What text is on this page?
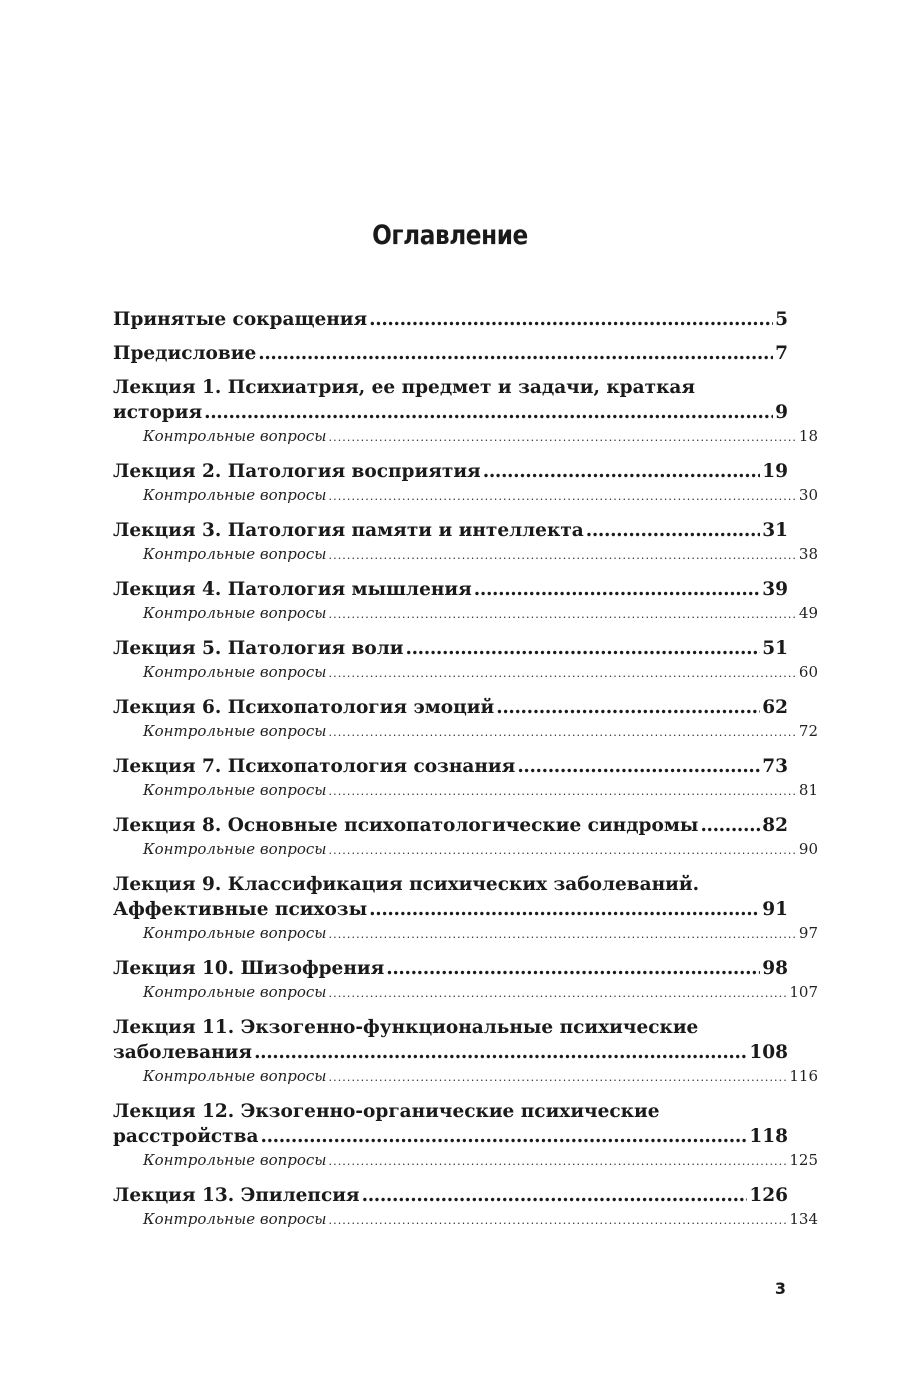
Оглавление
Принятые сокращения . . .	5
Предисловие . . .	7
Лекция 1. Психиатрия, ее предмет и задачи, краткая
история . . .	9
Контрольные вопросы . . .	18
Лекция 2. Патология восприятия . . .	19
Контрольные вопросы . . .	30
Лекция 3. Патология памяти и интеллекта . . .	31
Контрольные вопросы . . .	38
Лекция 4. Патология мышления . . .	39
Контрольные вопросы . . .	49
Лекция 5. Патология воли . . .	51
Контрольные вопросы . . .	60
Лекция 6. Психопатология эмоций . . .	62
Контрольные вопросы . . .	72
Лекция 7. Психопатология сознания . . .	73
Контрольные вопросы . . .	81
Лекция 8. Основные психопатологические синдромы . . .	82
Контрольные вопросы . . .	90
Лекция 9. Классификация психических заболеваний.
Аффективные психозы . . .	91
Контрольные вопросы . . .	97
Лекция 10. Шизофрения . . .	98
Контрольные вопросы . . .	107
Лекция 11. Экзогенно-функциональные психические
заболевания . . .	108
Контрольные вопросы . . .	116
Лекция 12. Экзогенно-органические психические
расстройства . . .	118
Контрольные вопросы . . .	125
Лекция 13. Эпилепсия . . .	126
Контрольные вопросы . . .	134
3
